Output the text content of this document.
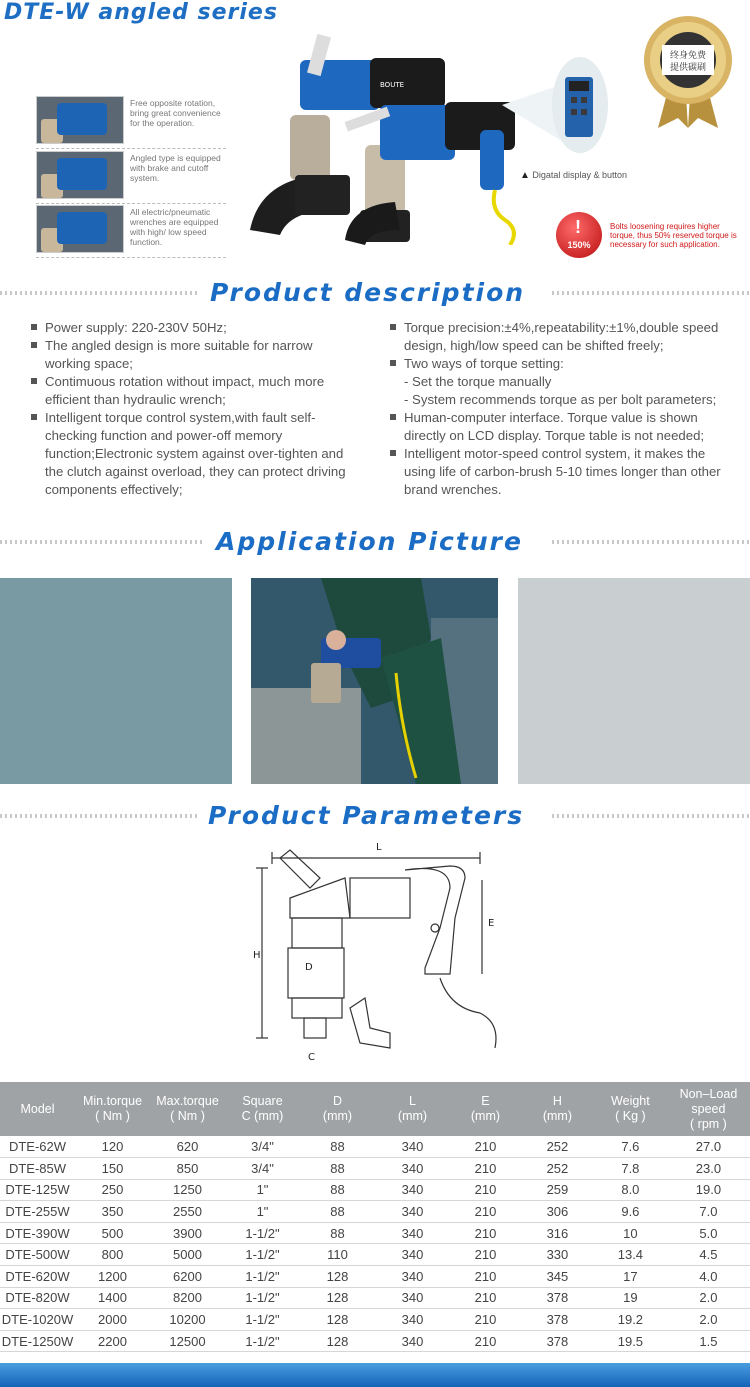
DTE-W angled series
Free opposite rotation, bring great convenience for the operation.
Angled type is equipped with brake and cutoff system.
All electric/pneumatic wrenches are equipped with high/ low speed function.
BOUTE
终身免费
提供碳刷
▲ Digatal display & button
!
150%
Bolts loosening requires higher torque, thus 50% reserved torque is necessary for such application.
Product description
Power supply: 220-230V 50Hz;
The angled design is more suitable for narrow working space;
Contimuous rotation without impact, much more efficient than hydraulic wrench;
Intelligent torque control system,with fault self-checking function and power-off memory function;Electronic system against over-tighten and the clutch against overload, they can protect driving components effectively;
Torque precision:±4%,repeatability:±1%,double speed design, high/low speed can be shifted freely;
Two ways of torque setting:
- Set the torque manually
- System recommends torque as per bolt parameters;
Human-computer interface. Torque value is shown directly on LCD display. Torque table is not needed;
Intelligent motor-speed control system, it makes the using life of carbon-brush 5-10 times longer than other brand wrenches.
Application Picture
Product Parameters
L
E
H
D
C
Model	Min.torque
( Nm )	Max.torque
( Nm )	Square
C (mm)	D
(mm)	L
(mm)	E
(mm)	H
(mm)	Weight
( Kg )	Non–Load
speed
( rpm )
DTE-62W	120	620	3/4"	88	340	210	252	7.6	27.0
DTE-85W	150	850	3/4"	88	340	210	252	7.8	23.0
DTE-125W	250	1250	1"	88	340	210	259	8.0	19.0
DTE-255W	350	2550	1"	88	340	210	306	9.6	7.0
DTE-390W	500	3900	1-1/2"	88	340	210	316	10	5.0
DTE-500W	800	5000	1-1/2"	110	340	210	330	13.4	4.5
DTE-620W	1200	6200	1-1/2"	128	340	210	345	17	4.0
DTE-820W	1400	8200	1-1/2"	128	340	210	378	19	2.0
DTE-1020W	2000	10200	1-1/2"	128	340	210	378	19.2	2.0
DTE-1250W	2200	12500	1-1/2"	128	340	210	378	19.5	1.5
